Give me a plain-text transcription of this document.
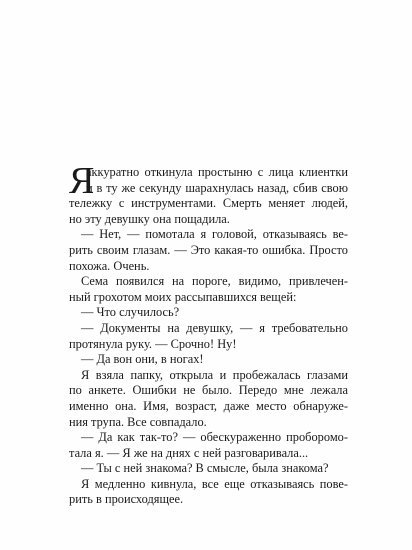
Я
аккуратно откинула простыню с лица клиентки
и в ту же секунду шарахнулась назад, сбив свою
тележку с инструментами. Смерть меняет людей,
но эту девушку она пощадила.
— Нет, — помотала я головой, отказываясь ве-
рить своим глазам. — Это какая-то ошибка. Просто
похожа. Очень.
Сема появился на пороге, видимо, привлечен-
ный грохотом моих рассыпавшихся вещей:
— Что случилось?
— Документы на девушку, — я требовательно
протянула руку. — Срочно! Ну!
— Да вон они, в ногах!
Я взяла папку, открыла и пробежалась глазами
по анкете. Ошибки не было. Передо мне лежала
именно она. Имя, возраст, даже место обнаруже-
ния трупа. Все совпадало.
— Да как так-то? — обескураженно проборомо-
тала я. — Я же на днях с ней разговаривала...
— Ты с ней знакома? В смысле, была знакома?
Я медленно кивнула, все еще отказываясь пове-
рить в происходящее.
